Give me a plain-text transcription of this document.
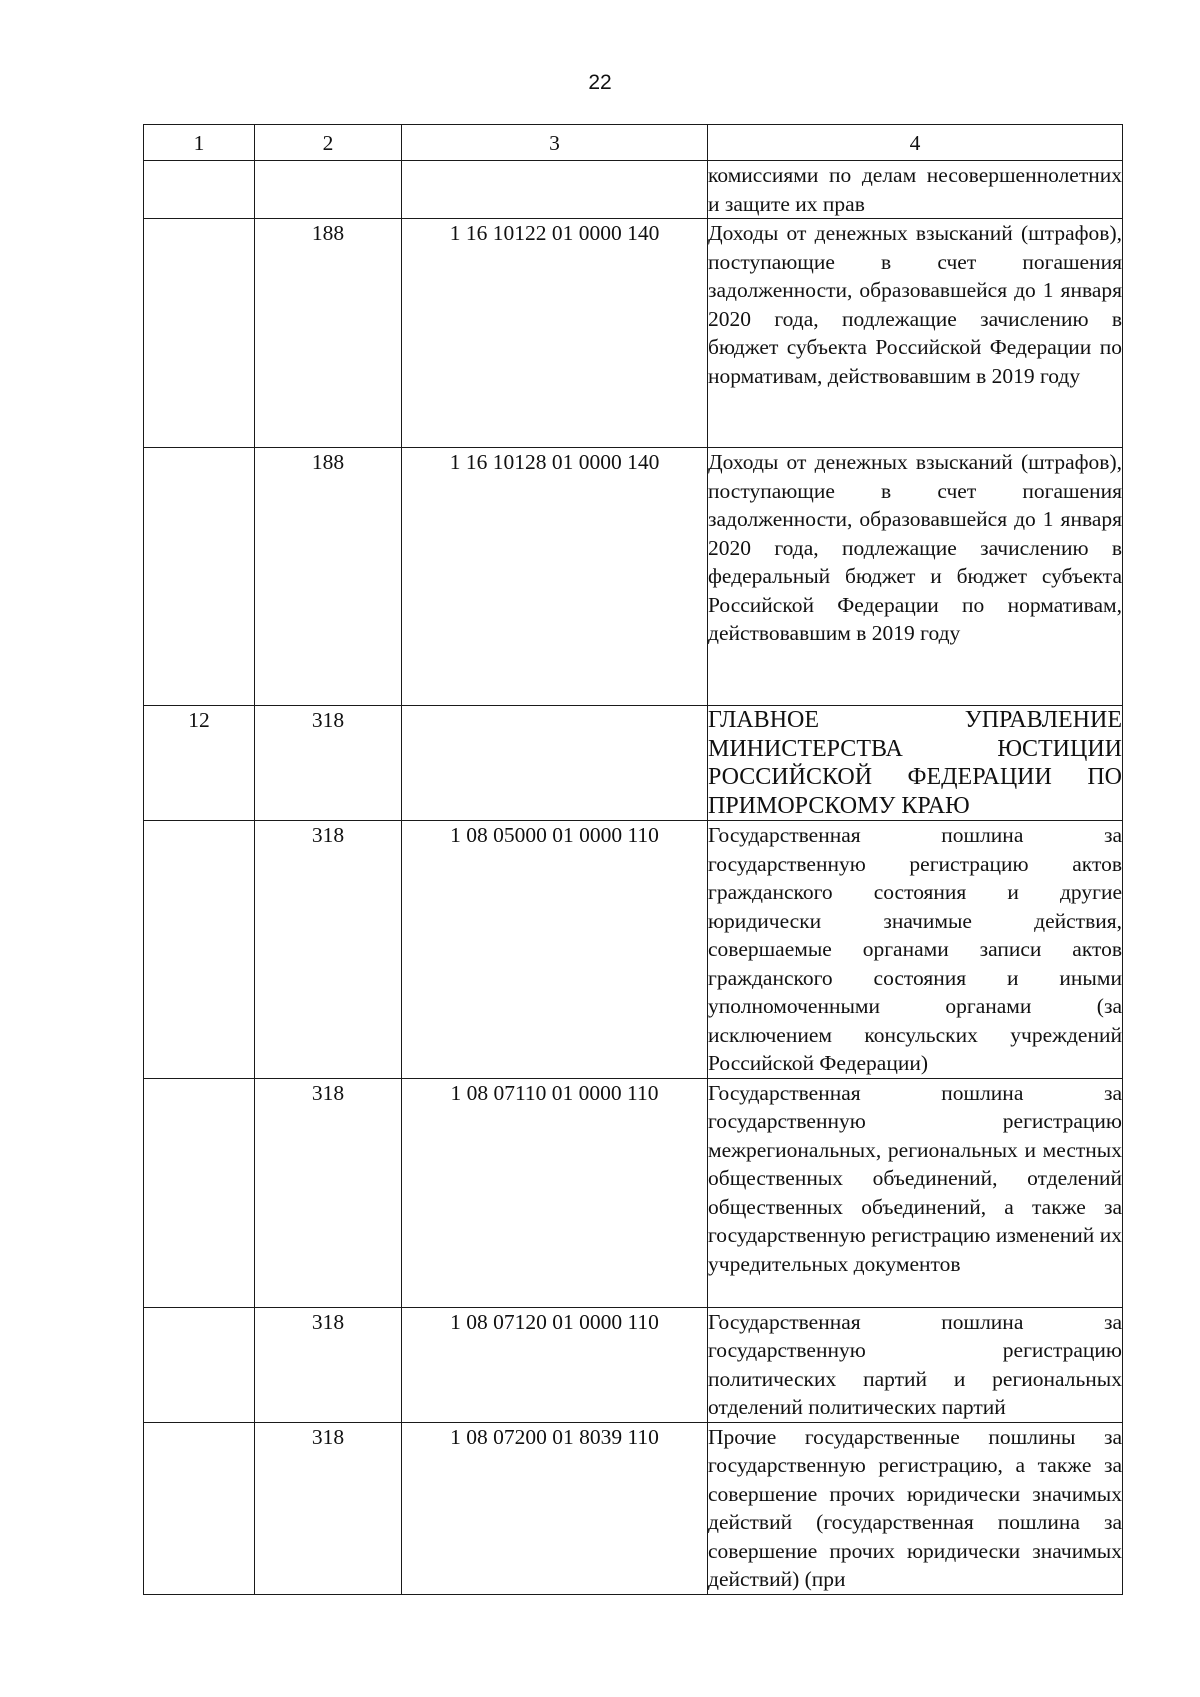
22
1	2	3	4
			комиссиями по делам несовершеннолетних и защите их прав
	188	1 16 10122 01 0000 140	Доходы от денежных взысканий (штрафов), поступающие в счет погашения задолженности, образовавшейся до 1 января 2020 года, подлежащие зачислению в бюджет субъекта Российской Федерации по нормативам, действовавшим в 2019 году
	188	1 16 10128 01 0000 140	Доходы от денежных взысканий (штрафов), поступающие в счет погашения задолженности, образовавшейся до 1 января 2020 года, подлежащие зачислению в федеральный бюджет и бюджет субъекта Российской Федерации по нормативам, действовавшим в 2019 году
12	318		ГЛАВНОЕ УПРАВЛЕНИЕ МИНИСТЕРСТВА ЮСТИЦИИ РОССИЙСКОЙ ФЕДЕРАЦИИ ПО ПРИМОРСКОМУ КРАЮ
	318	1 08 05000 01 0000 110	Государственная пошлина за государственную регистрацию актов гражданского состояния и другие юридически значимые действия, совершаемые органами записи актов гражданского состояния и иными уполномоченными органами (за исключением консульских учреждений Российской Федерации)
	318	1 08 07110 01 0000 110	Государственная пошлина за государственную регистрацию межрегиональных, региональных и местных общественных объединений, отделений общественных объединений, а также за государственную регистрацию изменений их учредительных документов
	318	1 08 07120 01 0000 110	Государственная пошлина за государственную регистрацию политических партий и региональных отделений политических партий
	318	1 08 07200 01 8039 110	Прочие государственные пошлины за государственную регистрацию, а также за совершение прочих юридически значимых действий (государственная пошлина за совершение прочих юридически значимых действий) (при
